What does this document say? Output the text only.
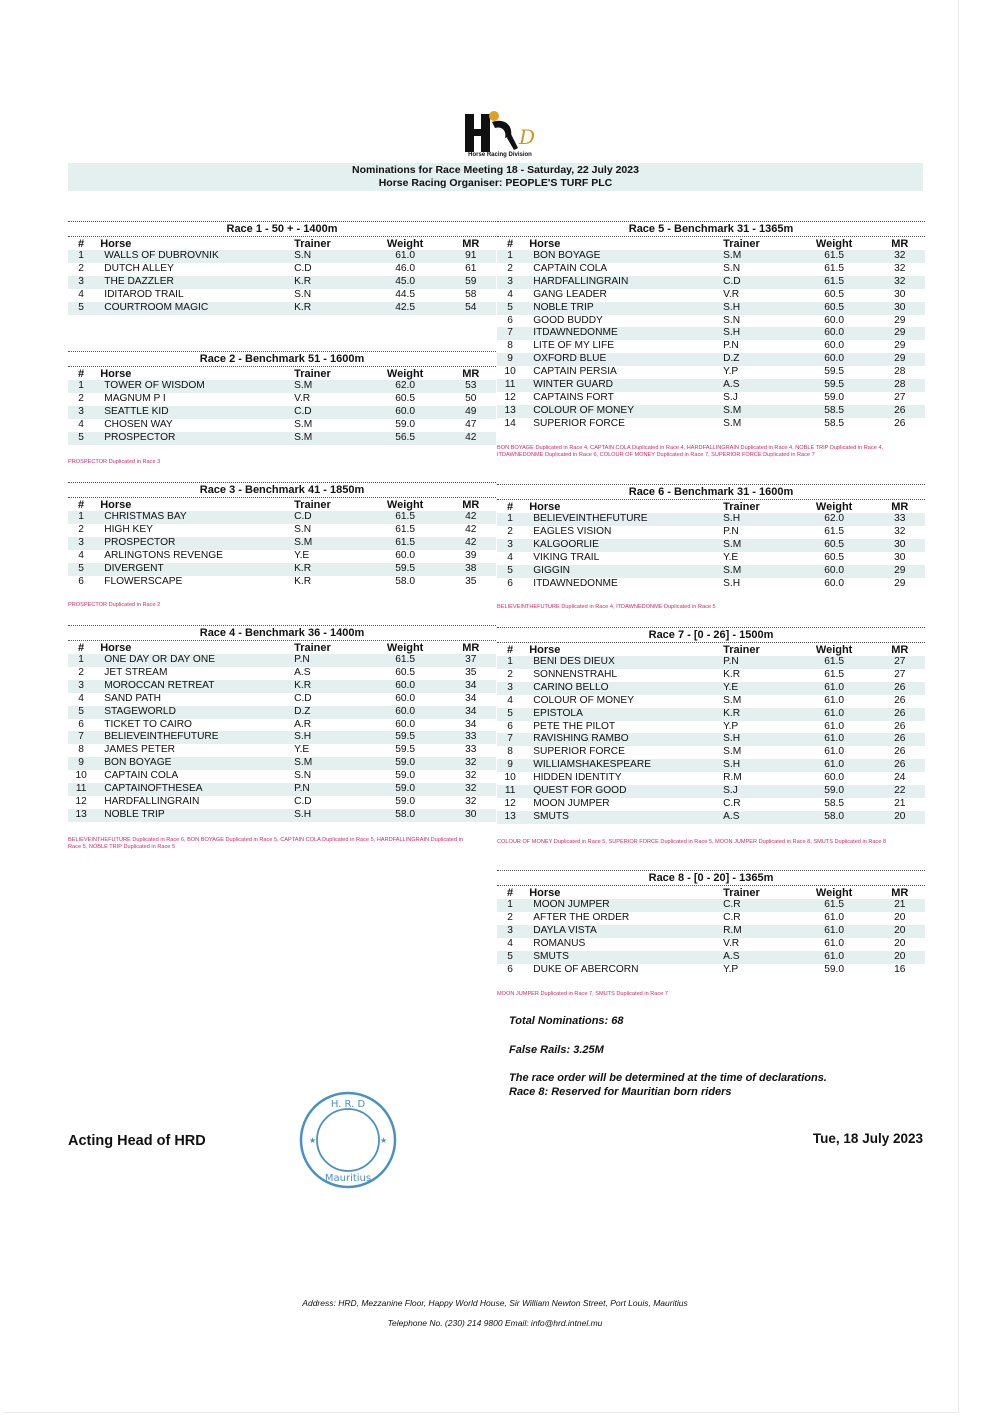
D
Horse Racing Division
Nominations for Race Meeting 18 - Saturday, 22 July 2023
Horse Racing Organiser: PEOPLE'S TURF PLC
Race 1 - 50 + - 1400m
#	Horse	Trainer	Weight	MR
1	WALLS OF DUBROVNIK	S.N	61.0	91
2	DUTCH ALLEY	C.D	46.0	61
3	THE DAZZLER	K.R	45.0	59
4	IDITAROD TRAIL	S.N	44.5	58
5	COURTROOM MAGIC	K.R	42.5	54
Race 2 - Benchmark 51 - 1600m
#	Horse	Trainer	Weight	MR
1	TOWER OF WISDOM	S.M	62.0	53
2	MAGNUM P I	V.R	60.5	50
3	SEATTLE KID	C.D	60.0	49
4	CHOSEN WAY	S.M	59.0	47
5	PROSPECTOR	S.M	56.5	42
PROSPECTOR Duplicated in Race 3
Race 3 - Benchmark 41 - 1850m
#	Horse	Trainer	Weight	MR
1	CHRISTMAS BAY	C.D	61.5	42
2	HIGH KEY	S.N	61.5	42
3	PROSPECTOR	S.M	61.5	42
4	ARLINGTONS REVENGE	Y.E	60.0	39
5	DIVERGENT	K.R	59.5	38
6	FLOWERSCAPE	K.R	58.0	35
PROSPECTOR Duplicated in Race 2
Race 4 - Benchmark 36 - 1400m
#	Horse	Trainer	Weight	MR
1	ONE DAY OR DAY ONE	P.N	61.5	37
2	JET STREAM	A.S	60.5	35
3	MOROCCAN RETREAT	K.R	60.0	34
4	SAND PATH	C.D	60.0	34
5	STAGEWORLD	D.Z	60.0	34
6	TICKET TO CAIRO	A.R	60.0	34
7	BELIEVEINTHEFUTURE	S.H	59.5	33
8	JAMES PETER	Y.E	59.5	33
9	BON BOYAGE	S.M	59.0	32
10	CAPTAIN COLA	S.N	59.0	32
11	CAPTAINOFTHESEA	P.N	59.0	32
12	HARDFALLINGRAIN	C.D	59.0	32
13	NOBLE TRIP	S.H	58.0	30
BELIEVEINTHEFUTURE Duplicated in Race 6, BON BOYAGE Duplicated in Race 5, CAPTAIN COLA Duplicated in Race 5, HARDFALLINGRAIN Duplicated in Race 5, NOBLE TRIP Duplicated in Race 5
Race 5 - Benchmark 31 - 1365m
#	Horse	Trainer	Weight	MR
1	BON BOYAGE	S.M	61.5	32
2	CAPTAIN COLA	S.N	61.5	32
3	HARDFALLINGRAIN	C.D	61.5	32
4	GANG LEADER	V.R	60.5	30
5	NOBLE TRIP	S.H	60.5	30
6	GOOD BUDDY	S.N	60.0	29
7	ITDAWNEDONME	S.H	60.0	29
8	LITE OF MY LIFE	P.N	60.0	29
9	OXFORD BLUE	D.Z	60.0	29
10	CAPTAIN PERSIA	Y.P	59.5	28
11	WINTER GUARD	A.S	59.5	28
12	CAPTAINS FORT	S.J	59.0	27
13	COLOUR OF MONEY	S.M	58.5	26
14	SUPERIOR FORCE	S.M	58.5	26
BON BOYAGE Duplicated in Race 4, CAPTAIN COLA Duplicated in Race 4, HARDFALLINGRAIN Duplicated in Race 4, NOBLE TRIP Duplicated in Race 4, ITDAWNEDONME Duplicated in Race 6, COLOUR OF MONEY Duplicated in Race 7, SUPERIOR FORCE Duplicated in Race 7
Race 6 - Benchmark 31 - 1600m
#	Horse	Trainer	Weight	MR
1	BELIEVEINTHEFUTURE	S.H	62.0	33
2	EAGLES VISION	P.N	61.5	32
3	KALGOORLIE	S.M	60.5	30
4	VIKING TRAIL	Y.E	60.5	30
5	GIGGIN	S.M	60.0	29
6	ITDAWNEDONME	S.H	60.0	29
BELIEVEINTHEFUTURE Duplicated in Race 4, ITDAWNEDONME Duplicated in Race 5
Race 7 - [0 - 26] - 1500m
#	Horse	Trainer	Weight	MR
1	BENI DES DIEUX	P.N	61.5	27
2	SONNENSTRAHL	K.R	61.5	27
3	CARINO BELLO	Y.E	61.0	26
4	COLOUR OF MONEY	S.M	61.0	26
5	EPISTOLA	K.R	61.0	26
6	PETE THE PILOT	Y.P	61.0	26
7	RAVISHING RAMBO	S.H	61.0	26
8	SUPERIOR FORCE	S.M	61.0	26
9	WILLIAMSHAKESPEARE	S.H	61.0	26
10	HIDDEN IDENTITY	R.M	60.0	24
11	QUEST FOR GOOD	S.J	59.0	22
12	MOON JUMPER	C.R	58.5	21
13	SMUTS	A.S	58.0	20
COLOUR OF MONEY Duplicated in Race 5, SUPERIOR FORCE Duplicated in Race 5, MOON JUMPER Duplicated in Race 8, SMUTS Duplicated in Race 8
Race 8 - [0 - 20] - 1365m
#	Horse	Trainer	Weight	MR
1	MOON JUMPER	C.R	61.5	21
2	AFTER THE ORDER	C.R	61.0	20
3	DAYLA VISTA	R.M	61.0	20
4	ROMANUS	V.R	61.0	20
5	SMUTS	A.S	61.0	20
6	DUKE OF ABERCORN	Y.P	59.0	16
MOON JUMPER Duplicated in Race 7, SMUTS Duplicated in Race 7
Total Nominations: 68
False Rails: 3.25M
The race order will be determined at the time of declarations.
Race 8: Reserved for Mauritian born riders
Acting Head of HRD
H. R. D
Mauritius
★	★	Tue, 18 July 2023
Address: HRD, Mezzanine Floor, Happy World House, Sir William Newton Street, Port Louis, Mauritius
Telephone No. (230) 214 9800 Email: info@hrd.intnel.mu
